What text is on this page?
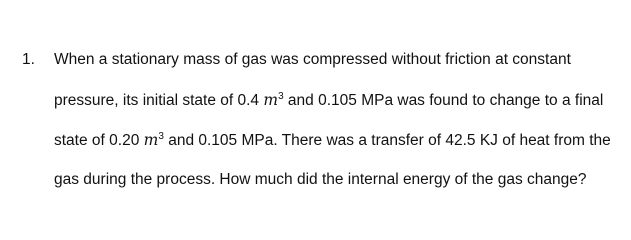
1. When a stationary mass of gas was compressed without friction at constant
pressure, its initial state of 0.4 $m^3$ and 0.105 MPa was found to change to a final
state of 0.20 $m^3$ and 0.105 MPa. There was a transfer of 42.5 KJ of heat from the
gas during the process. How much did the internal energy of the gas change?
